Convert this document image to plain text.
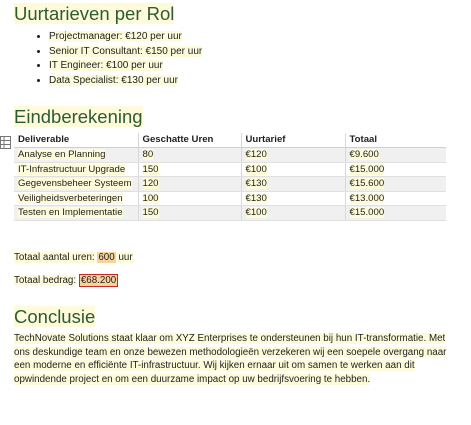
Uurtarieven per Rol
• Projectmanager: €120 per uur
• Senior IT Consultant: €150 per uur
• IT Engineer: €100 per uur
• Data Specialist: €130 per uur
Eindberekening
Deliverable	Geschatte Uren	Uurtarief	Totaal
Analyse en Planning	80	€120	€9.600
IT-Infrastructuur Upgrade	150	€100	€15.000
Gegevensbeheer Systeem	120	€130	€15.600
Veiligheidsverbeteringen	100	€130	€13.000
Testen en Implementatie	150	€100	€15.000
Totaal aantal uren: 600 uur
Totaal bedrag: €68.200
Conclusie

TechNovate Solutions staat klaar om XYZ Enterprises te ondersteunen bij hun IT-transformatie. Met ons deskundige team en onze bewezen methodologieën verzekeren wij een soepele overgang naar een moderne en efficiënte IT-infrastructuur. Wij kijken ernaar uit om samen te werken aan dit opwindende project en om een duurzame impact op uw bedrijfsvoering te hebben.
